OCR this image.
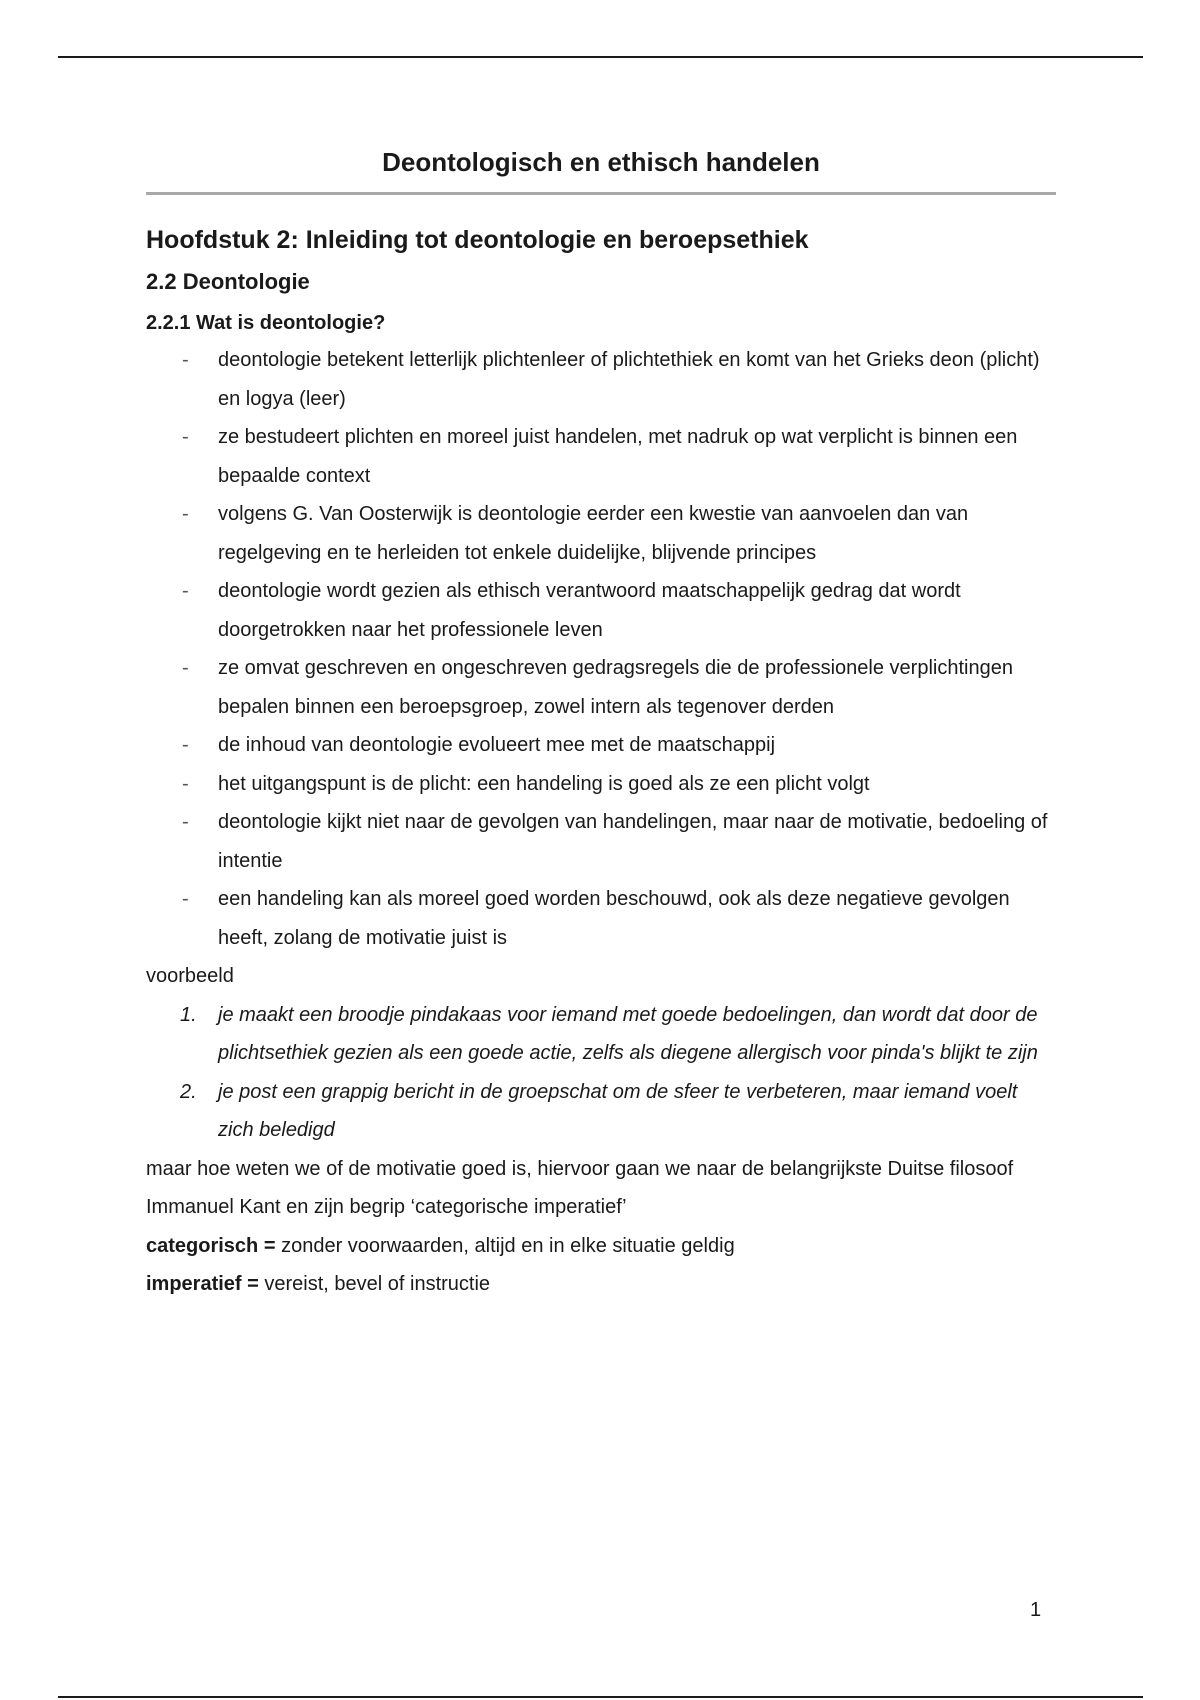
Deontologisch en ethisch handelen
Hoofdstuk 2: Inleiding tot deontologie en beroepsethiek
2.2 Deontologie
2.2.1 Wat is deontologie?
- deontologie betekent letterlijk plichtenleer of plichtethiek en komt van het Grieks deon (plicht) en logya (leer)
- ze bestudeert plichten en moreel juist handelen, met nadruk op wat verplicht is binnen een bepaalde context
- volgens G. Van Oosterwijk is deontologie eerder een kwestie van aanvoelen dan van regelgeving en te herleiden tot enkele duidelijke, blijvende principes
- deontologie wordt gezien als ethisch verantwoord maatschappelijk gedrag dat wordt doorgetrokken naar het professionele leven
- ze omvat geschreven en ongeschreven gedragsregels die de professionele verplichtingen bepalen binnen een beroepsgroep, zowel intern als tegenover derden
- de inhoud van deontologie evolueert mee met de maatschappij
- het uitgangspunt is de plicht: een handeling is goed als ze een plicht volgt
- deontologie kijkt niet naar de gevolgen van handelingen, maar naar de motivatie, bedoeling of intentie
- een handeling kan als moreel goed worden beschouwd, ook als deze negatieve gevolgen heeft, zolang de motivatie juist is

voorbeeld

1. je maakt een broodje pindakaas voor iemand met goede bedoelingen, dan wordt dat door de plichtsethiek gezien als een goede actie, zelfs als diegene allergisch voor pinda's blijkt te zijn
2. je post een grappig bericht in de groepschat om de sfeer te verbeteren, maar iemand voelt zich beledigd

maar hoe weten we of de motivatie goed is, hiervoor gaan we naar de belangrijkste Duitse filosoof Immanuel Kant en zijn begrip ‘categorische imperatief’

categorisch = zonder voorwaarden, altijd en in elke situatie geldig

imperatief = vereist, bevel of instructie

1
